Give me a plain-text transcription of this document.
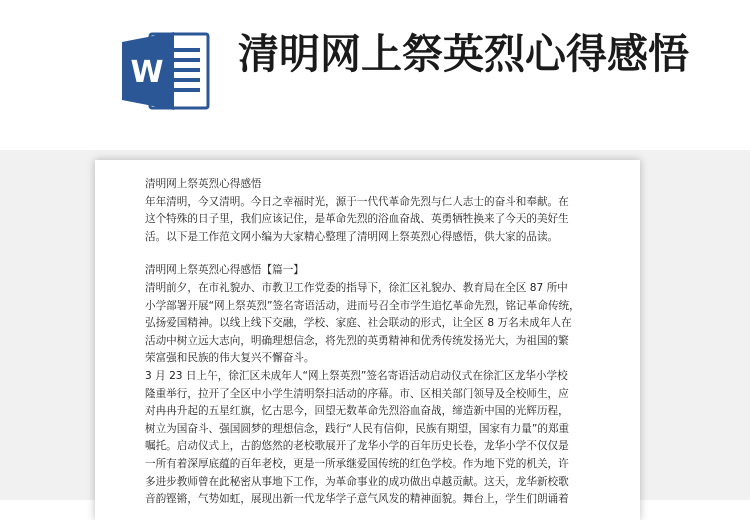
W 清明网上祭英烈心得感悟

清明网上祭英烈心得感悟

年年清明，今又清明。今日之幸福时光，源于一代代革命先烈与仁人志士的奋斗和奉献。在

这个特殊的日子里，我们应该记住，是革命先烈的浴血奋战、英勇牺牲换来了今天的美好生

活。以下是工作范文网小编为大家精心整理了清明网上祭英烈心得感悟，供大家的品读。

清明网上祭英烈心得感悟【篇一】

清明前夕，在市礼貌办、市教卫工作党委的指导下，徐汇区礼貌办、教育局在全区 87 所中

小学部署开展“网上祭英烈”签名寄语活动，进而号召全市学生追忆革命先烈，铭记革命传统，

弘扬爱国精神。以线上线下交融，学校、家庭、社会联动的形式，让全区 8 万名未成年人在

活动中树立远大志向，明确理想信念，将先烈的英勇精神和优秀传统发扬光大，为祖国的繁

荣富强和民族的伟大复兴不懈奋斗。

3 月 23 日上午，徐汇区未成年人“网上祭英烈”签名寄语活动启动仪式在徐汇区龙华小学校

隆重举行，拉开了全区中小学生清明祭扫活动的序幕。市、区相关部门领导及全校师生，应

对冉冉升起的五星红旗，忆古思今，回望无数革命先烈浴血奋战，缔造新中国的光辉历程，

树立为国奋斗、强国圆梦的理想信念，践行“人民有信仰，民族有期望，国家有力量”的郑重

嘱托。启动仪式上，古韵悠然的老校歌展开了龙华小学的百年历史长卷，龙华小学不仅仅是

一所有着深厚底蕴的百年老校，更是一所承继爱国传统的红色学校。作为地下党的机关，许

多进步教师曾在此秘密从事地下工作，为革命事业的成功做出卓越贡献。这天，龙华新校歌

音韵铿锵，气势如虹，展现出新一代龙华学子意气风发的精神面貌。舞台上，学生们朗诵着
